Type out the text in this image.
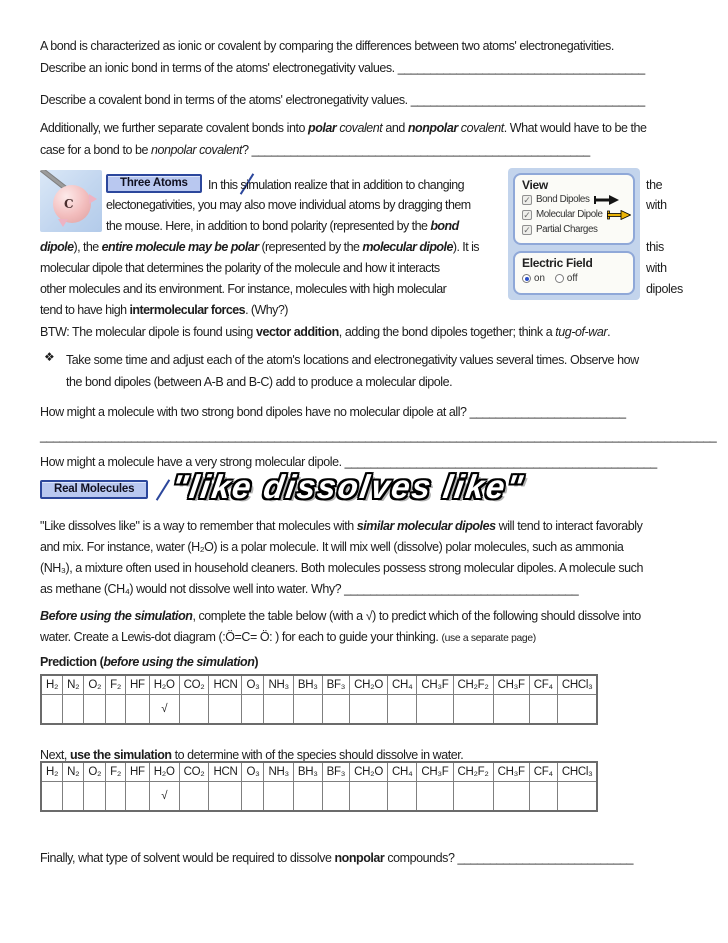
A bond is characterized as ionic or covalent by comparing the differences between two atoms' electronegativities.
Describe an ionic bond in terms of the atoms' electronegativity values. ______________________________________
Describe a covalent bond in terms of the atoms' electronegativity values. ____________________________________
Additionally, we further separate covalent bonds into polar covalent and nonpolar covalent. What would have to be the
case for a bond to be nonpolar covalent? ____________________________________________________
C
Three Atoms	In this simulation realize that in addition to changing
electonegativities, you may also move individual atoms by dragging them
the mouse. Here, in addition to bond polarity (represented by the bond
dipole), the entire molecule may be polar (represented by the molecular dipole). It is
molecular dipole that determines the polarity of the molecule and how it interacts
other molecules and its environment. For instance, molecules with high molecular
tend to have high intermolecular forces. (Why?)
the
with
this
with
dipoles
View
✓ Bond Dipoles
✓ Molecular Dipole
✓ Partial Charges
Electric Field
on off
BTW: The molecular dipole is found using vector addition, adding the bond dipoles together; think a tug-of-war.
❖ Take some time and adjust each of the atom's locations and electronegativity values several times. Observe how
the bond dipoles (between A-B and B-C) add to produce a molecular dipole.
How might a molecule with two strong bond dipoles have no molecular dipole at all? ________________________
________________________________________________________________________________________________________
How might a molecule have a very strong molecular dipole. ________________________________________________
Real Molecules	"like dissolves like"
"Like dissolves like" is a way to remember that molecules with similar molecular dipoles will tend to interact favorably
and mix. For instance, water (H₂O) is a polar molecule. It will mix well (dissolve) polar molecules, such as ammonia
(NH₃), a mixture often used in household cleaners. Both molecules possess strong molecular dipoles. A molecule such
as methane (CH₄) would not dissolve well into water. Why? ____________________________________
Before using the simulation, complete the table below (with a √) to predict which of the following should dissolve into
water. Create a Lewis-dot diagram (:Ö=C= Ö: ) for each to guide your thinking. (use a separate page)
Prediction (before using the simulation)
H₂	N₂	O₂	F₂	HF	H₂O	CO₂	HCN	O₃	NH₃	BH₃	BF₃	CH₂O	CH₄	CH₃F	CH₂F₂	CH₃F	CF₄	CHCl₃
					√													
Next, use the simulation to determine with of the species should dissolve in water.
H₂	N₂	O₂	F₂	HF	H₂O	CO₂	HCN	O₃	NH₃	BH₃	BF₃	CH₂O	CH₄	CH₃F	CH₂F₂	CH₃F	CF₄	CHCl₃
					√													
Finally, what type of solvent would be required to dissolve nonpolar compounds? ___________________________
